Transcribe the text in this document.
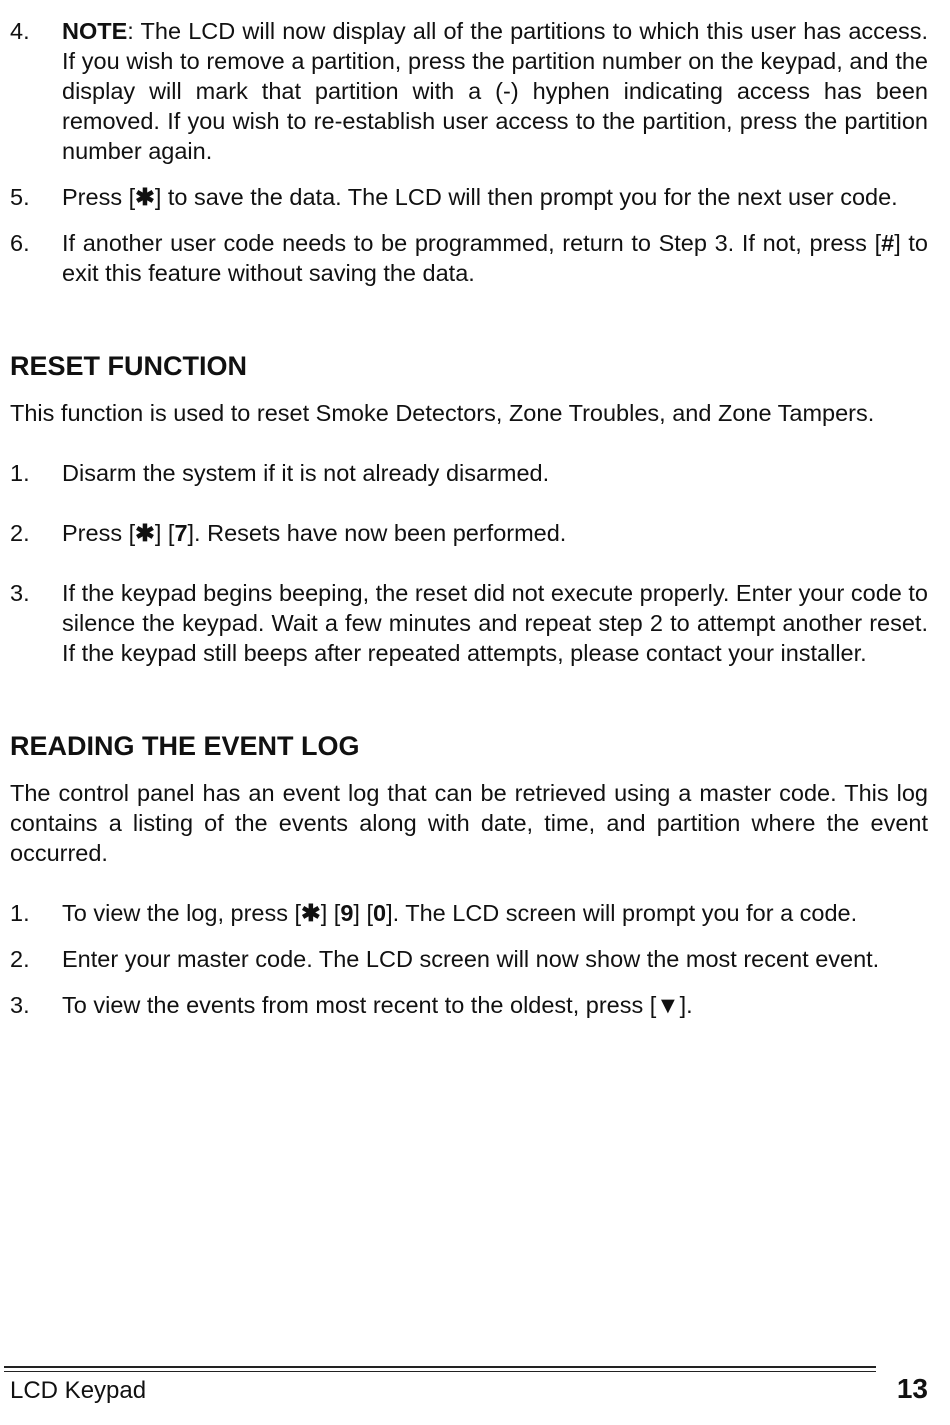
4. NOTE: The LCD will now display all of the partitions to which this user has access. If you wish to remove a partition, press the partition number on the keypad, and the display will mark that partition with a (-) hyphen indicating access has been removed. If you wish to re-establish user access to the partition, press the partition number again.
5. Press [✱] to save the data. The LCD will then prompt you for the next user code.
6. If another user code needs to be programmed, return to Step 3. If not, press [#] to exit this feature without saving the data.
RESET FUNCTION

This function is used to reset Smoke Detectors, Zone Troubles, and Zone Tampers.

1. Disarm the system if it is not already disarmed.
2. Press [✱] [7]. Resets have now been performed.
3. If the keypad begins beeping, the reset did not execute properly. Enter your code to silence the keypad. Wait a few minutes and repeat step 2 to attempt another reset. If the keypad still beeps after repeated attempts, please contact your installer.
READING THE EVENT LOG

The control panel has an event log that can be retrieved using a master code. This log contains a listing of the events along with date, time, and partition where the event occurred.

1. To view the log, press [✱] [9] [0]. The LCD screen will prompt you for a code.
2. Enter your master code. The LCD screen will now show the most recent event.
3. To view the events from most recent to the oldest, press [▼].
LCD Keypad	13
